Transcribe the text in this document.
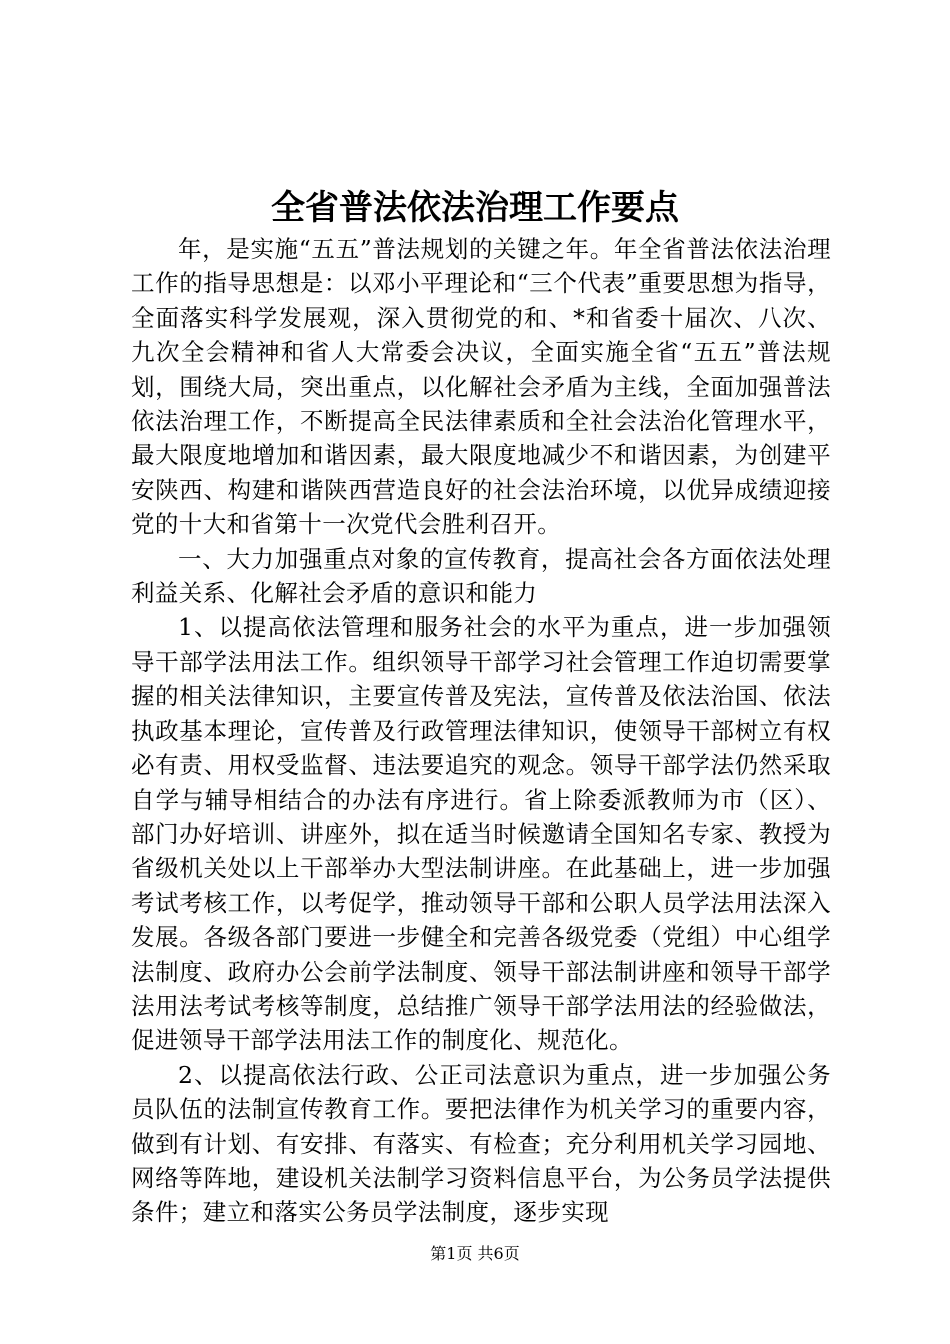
全省普法依法治理工作要点

年，是实施“五五”普法规划的关键之年。年全省普法依法治理工作的指导思想是：以邓小平理论和“三个代表”重要思想为指导，全面落实科学发展观，深入贯彻党的和、*和省委十届次、八次、九次全会精神和省人大常委会决议，全面实施全省“五五”普法规划，围绕大局，突出重点，以化解社会矛盾为主线，全面加强普法依法治理工作，不断提高全民法律素质和全社会法治化管理水平，最大限度地增加和谐因素，最大限度地减少不和谐因素，为创建平安陕西、构建和谐陕西营造良好的社会法治环境，以优异成绩迎接党的十大和省第十一次党代会胜利召开。

一、大力加强重点对象的宣传教育，提高社会各方面依法处理利益关系、化解社会矛盾的意识和能力

1、以提高依法管理和服务社会的水平为重点，进一步加强领导干部学法用法工作。组织领导干部学习社会管理工作迫切需要掌握的相关法律知识，主要宣传普及宪法，宣传普及依法治国、依法执政基本理论，宣传普及行政管理法律知识，使领导干部树立有权必有责、用权受监督、违法要追究的观念。领导干部学法仍然采取自学与辅导相结合的办法有序进行。省上除委派教师为市（区）、部门办好培训、讲座外，拟在适当时候邀请全国知名专家、教授为省级机关处以上干部举办大型法制讲座。在此基础上，进一步加强考试考核工作，以考促学，推动领导干部和公职人员学法用法深入发展。各级各部门要进一步健全和完善各级党委（党组）中心组学法制度、政府办公会前学法制度、领导干部法制讲座和领导干部学法用法考试考核等制度，总结推广领导干部学法用法的经验做法，促进领导干部学法用法工作的制度化、规范化。

2、以提高依法行政、公正司法意识为重点，进一步加强公务员队伍的法制宣传教育工作。要把法律作为机关学习的重要内容，做到有计划、有安排、有落实、有检查；充分利用机关学习园地、网络等阵地，建设机关法制学习资料信息平台，为公务员学法提供条件；建立和落实公务员学法制度，逐步实现

第1页 共6页
